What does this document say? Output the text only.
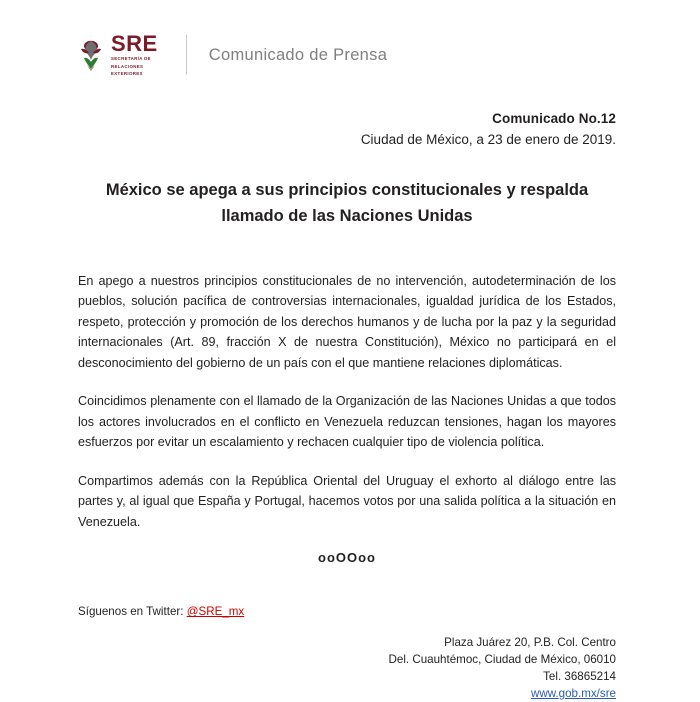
SRE
SECRETARÍA DE
RELACIONES
EXTERIORES
Comunicado de Prensa
Comunicado No.12
Ciudad de México, a 23 de enero de 2019.
México se apega a sus principios constitucionales y respalda llamado de las Naciones Unidas

En apego a nuestros principios constitucionales de no intervención, autodeterminación de los pueblos, solución pacífica de controversias internacionales, igualdad jurídica de los Estados, respeto, protección y promoción de los derechos humanos y de lucha por la paz y la seguridad internacionales (Art. 89, fracción X de nuestra Constitución), México no participará en el desconocimiento del gobierno de un país con el que mantiene relaciones diplomáticas.

Coincidimos plenamente con el llamado de la Organización de las Naciones Unidas a que todos los actores involucrados en el conflicto en Venezuela reduzcan tensiones, hagan los mayores esfuerzos por evitar un escalamiento y rechacen cualquier tipo de violencia política.

Compartimos además con la República Oriental del Uruguay el exhorto al diálogo entre las partes y, al igual que España y Portugal, hacemos votos por una salida política a la situación en Venezuela.

ooOOoo
Síguenos en Twitter: @SRE_mx
Plaza Juárez 20, P.B. Col. Centro
Del. Cuauhtémoc, Ciudad de México, 06010
Tel. 36865214
www.gob.mx/sre
